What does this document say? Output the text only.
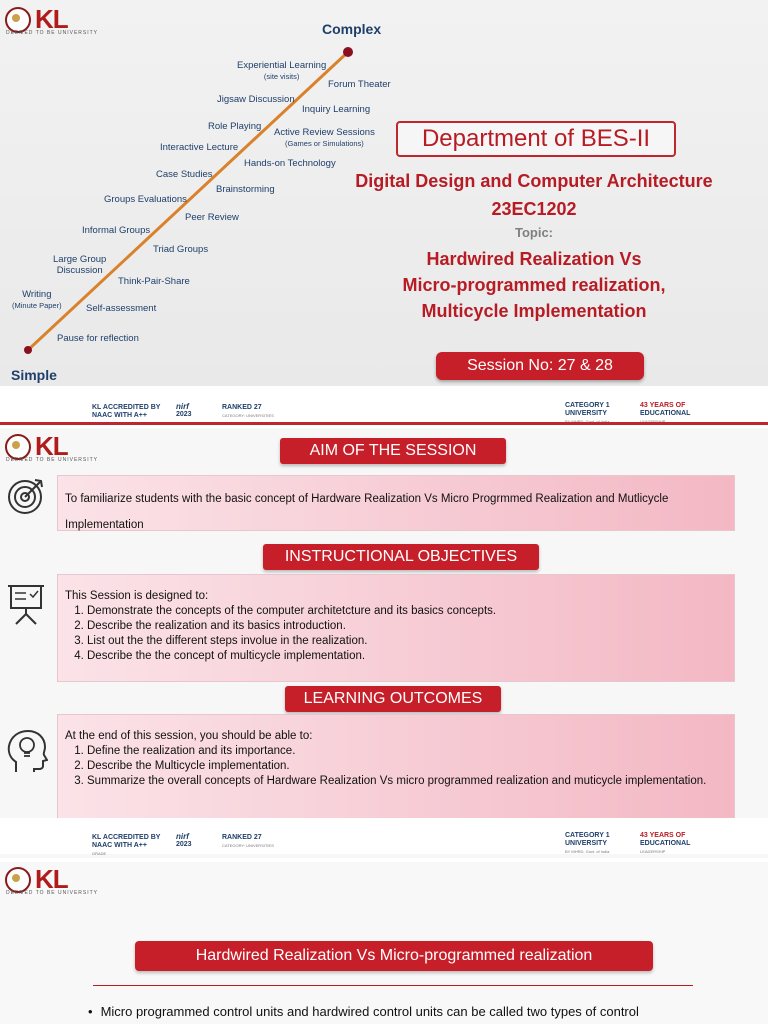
KL
DEEMED TO BE UNIVERSITY	Complex
Simple
Experiential Learning
(site visits)
Forum Theater
Jigsaw Discussion
Inquiry Learning
Role Playing
Active Review Sessions
(Games or Simulations)
Interactive Lecture
Case Studies
Hands-on Technology
Brainstorming
Groups Evaluations
Peer Review
Informal Groups
Triad Groups
Large Group
Discussion
Think-Pair-Share
Writing
(Minute Paper)	Self-assessment
Pause for reflection
Department of BES-II
Digital Design and Computer Architecture
23EC1202
Topic:
Hardwired Realization Vs
Micro-programmed realization,
Multicycle Implementation
Session No: 27 & 28
KL ACCREDITED BY
NAAC WITH A++
nirf
2023
RANKED 27
CATEGORY: UNIVERSITIES
CATEGORY 1
UNIVERSITY
43 YEARS OF
EDUCATIONAL
KL
DEEMED TO BE UNIVERSITY
AIM OF THE SESSION
To familiarize students with the basic concept of Hardware Realization Vs Micro Progrmmed Realization and Mutlicycle Implementation
INSTRUCTIONAL OBJECTIVES
This Session is designed to:
1. Demonstrate the concepts of the computer architetcture and its basics concepts.
2. Describe the realization and its basics introduction.
3. List out the the different steps involue in the realization.
4. Describe the the concept of multicycle implementation.
LEARNING OUTCOMES
At the end of this session, you should be able to:
1. Define the realization and its importance.
2. Describe the Multicycle implementation.
3. Summarize the overall concepts of Hardware Realization Vs micro programmed realization and muticycle implementation.
KL ACCREDITED BY
NAAC WITH A++
GRADE
nirf
2023
RANKED 27
CATEGORY: UNIVERSITIES
CATEGORY 1
UNIVERSITY
BY MHRD, Govt. of India
43 YEARS OF
EDUCATIONAL
LEADERSHIP
KL
DEEMED TO BE UNIVERSITY
Hardwired Realization Vs Micro-programmed realization
• Micro programmed control units and hardwired control units can be called two types of control
